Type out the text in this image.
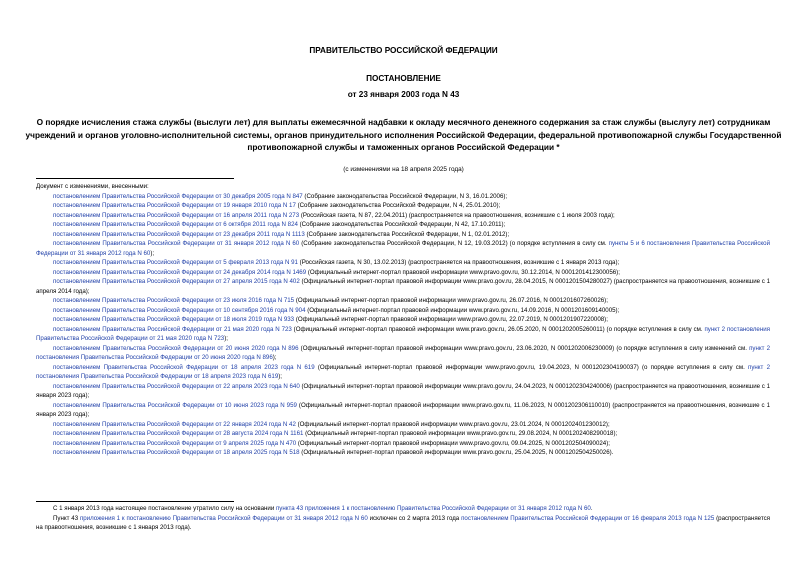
ПРАВИТЕЛЬСТВО РОССИЙСКОЙ ФЕДЕРАЦИИ
ПОСТАНОВЛЕНИЕ
от 23 января 2003 года N 43
О порядке исчисления стажа службы (выслуги лет) для выплаты ежемесячной надбавки к окладу месячного денежного содержания за стаж службы (выслугу лет) сотрудникам учреждений и органов уголовно-исполнительной системы, органов принудительного исполнения Российской Федерации, федеральной противопожарной службы Государственной противопожарной службы и таможенных органов Российской Федерации *
(с изменениями на 18 апреля 2025 года)

Документ с изменениями, внесенными:

постановлением Правительства Российской Федерации от 30 декабря 2005 года N 847 (Собрание законодательства Российской Федерации, N 3, 16.01.2006);

постановлением Правительства Российской Федерации от 19 января 2010 года N 17 (Собрание законодательства Российской Федерации, N 4, 25.01.2010);

постановлением Правительства Российской Федерации от 16 апреля 2011 года N 273 (Российская газета, N 87, 22.04.2011) (распространяется на правоотношения, возникшие с 1 июля 2003 года);

постановлением Правительства Российской Федерации от 6 октября 2011 года N 824 (Собрание законодательства Российской Федерации, N 42, 17.10.2011);

постановлением Правительства Российской Федерации от 23 декабря 2011 года N 1113 (Собрание законодательства Российской Федерации, N 1, 02.01.2012);

постановлением Правительства Российской Федерации от 31 января 2012 года N 60 (Собрание законодательства Российской Федерации, N 12, 19.03.2012) (о порядке вступления в силу см. пункты 5 и 6 постановления Правительства Российской Федерации от 31 января 2012 года N 60);

постановлением Правительства Российской Федерации от 5 февраля 2013 года N 91 (Российская газета, N 30, 13.02.2013) (распространяется на правоотношения, возникшие с 1 января 2013 года);

постановлением Правительства Российской Федерации от 24 декабря 2014 года N 1469 (Официальный интернет-портал правовой информации www.pravo.gov.ru, 30.12.2014, N 0001201412300056);

постановлением Правительства Российской Федерации от 27 апреля 2015 года N 402 (Официальный интернет-портал правовой информации www.pravo.gov.ru, 28.04.2015, N 0001201504280027) (распространяется на правоотношения, возникшие с 1 апреля 2014 года);

постановлением Правительства Российской Федерации от 23 июля 2016 года N 715 (Официальный интернет-портал правовой информации www.pravo.gov.ru, 26.07.2016, N 0001201607260026);

постановлением Правительства Российской Федерации от 10 сентября 2016 года N 904 (Официальный интернет-портал правовой информации www.pravo.gov.ru, 14.09.2016, N 0001201609140005);

постановлением Правительства Российской Федерации от 18 июля 2019 года N 933 (Официальный интернет-портал правовой информации www.pravo.gov.ru, 22.07.2019, N 0001201907220008);

постановлением Правительства Российской Федерации от 21 мая 2020 года N 723 (Официальный интернет-портал правовой информации www.pravo.gov.ru, 26.05.2020, N 0001202005260011) (о порядке вступления в силу см. пункт 2 постановления Правительства Российской Федерации от 21 мая 2020 года N 723);

постановлением Правительства Российской Федерации от 20 июня 2020 года N 896 (Официальный интернет-портал правовой информации www.pravo.gov.ru, 23.06.2020, N 0001202006230009) (о порядке вступления в силу изменений см. пункт 2 постановления Правительства Российской Федерации от 20 июня 2020 года N 896);

постановлением Правительства Российской Федерации от 18 апреля 2023 года N 619 (Официальный интернет-портал правовой информации www.pravo.gov.ru, 19.04.2023, N 0001202304190037) (о порядке вступления в силу см. пункт 2 постановления Правительства Российской Федерации от 18 апреля 2023 года N 619);

постановлением Правительства Российской Федерации от 22 апреля 2023 года N 640 (Официальный интернет-портал правовой информации www.pravo.gov.ru, 24.04.2023, N 0001202304240006) (распространяется на правоотношения, возникшие с 1 января 2023 года);

постановлением Правительства Российской Федерации от 10 июня 2023 года N 959 (Официальный интернет-портал правовой информации www.pravo.gov.ru, 11.06.2023, N 0001202306110010) (распространяется на правоотношения, возникшие с 1 января 2023 года);

постановлением Правительства Российской Федерации от 22 января 2024 года N 42 (Официальный интернет-портал правовой информации www.pravo.gov.ru, 23.01.2024, N 0001202401230012);

постановлением Правительства Российской Федерации от 28 августа 2024 года N 1161 (Официальный интернет-портал правовой информации www.pravo.gov.ru, 29.08.2024, N 0001202408290018);

постановлением Правительства Российской Федерации от 9 апреля 2025 года N 470 (Официальный интернет-портал правовой информации www.pravo.gov.ru, 09.04.2025, N 0001202504090024);

постановлением Правительства Российской Федерации от 18 апреля 2025 года N 518 (Официальный интернет-портал правовой информации www.pravo.gov.ru, 25.04.2025, N 0001202504250026).

С 1 января 2013 года настоящее постановление утратило силу на основании пункта 43 приложения 1 к постановлению Правительства Российской Федерации от 31 января 2012 года N 60.

Пункт 43 приложения 1 к постановлению Правительства Российской Федерации от 31 января 2012 года N 60 исключен со 2 марта 2013 года постановлением Правительства Российской Федерации от 16 февраля 2013 года N 125 (распространяется на правоотношения, возникшие с 1 января 2013 года).
